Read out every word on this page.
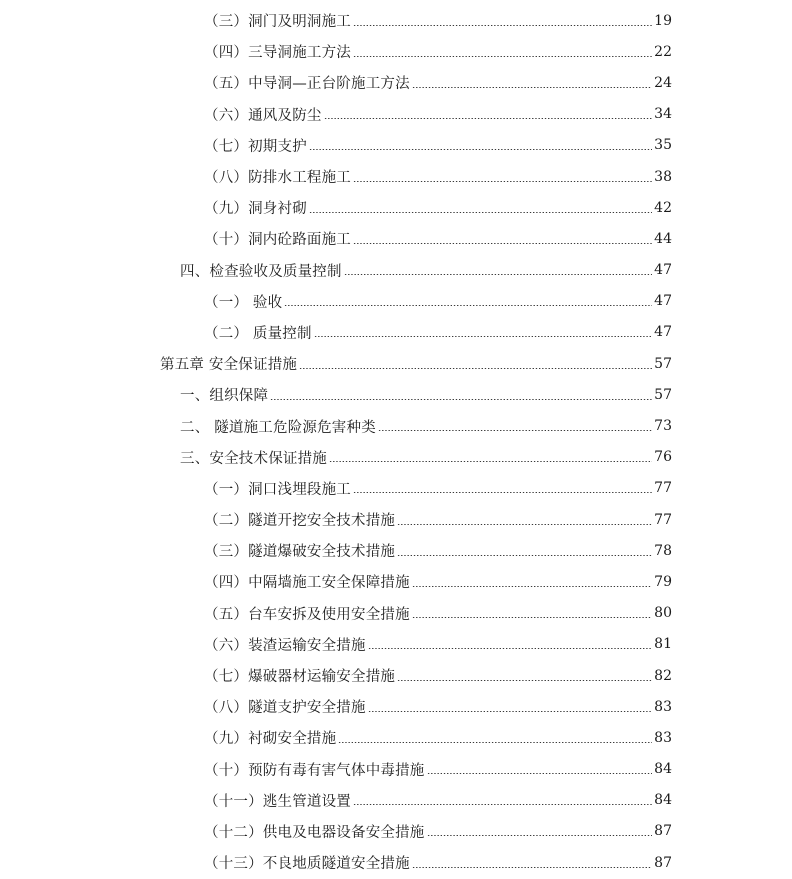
（三）洞门及明洞施工	19
（四）三导洞施工方法	22
（五）中导洞—正台阶施工方法	24
（六）通风及防尘	34
（七）初期支护	35
（八）防排水工程施工	38
（九）洞身衬砌	42
（十）洞内砼路面施工	44
四、检查验收及质量控制	47
（一） 验收	47
（二） 质量控制	47
第五章 安全保证措施	57
一、组织保障	57
二、 隧道施工危险源危害种类	73
三、安全技术保证措施	76
（一）洞口浅埋段施工	77
（二）隧道开挖安全技术措施	77
（三）隧道爆破安全技术措施	78
（四）中隔墙施工安全保障措施	79
（五）台车安拆及使用安全措施	80
（六）装渣运输安全措施	81
（七）爆破器材运输安全措施	82
（八）隧道支护安全措施	83
（九）衬砌安全措施	83
（十）预防有毒有害气体中毒措施	84
（十一）逃生管道设置	84
（十二）供电及电器设备安全措施	87
（十三）不良地质隧道安全措施	87
